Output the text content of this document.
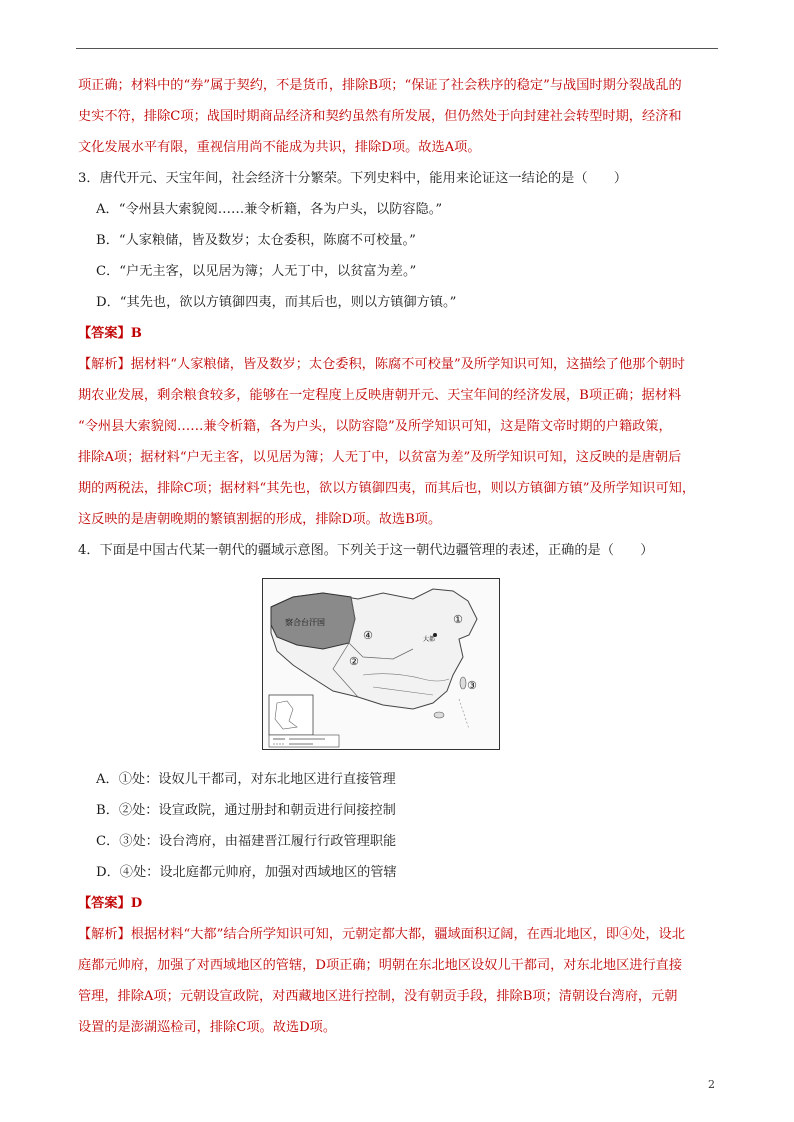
项正确；材料中的“券”属于契约，不是货币，排除B项；“保证了社会秩序的稳定”与战国时期分裂战乱的
史实不符，排除C项；战国时期商品经济和契约虽然有所发展，但仍然处于向封建社会转型时期，经济和
文化发展水平有限，重视信用尚不能成为共识，排除D项。故选A项。
3．唐代开元、天宝年间，社会经济十分繁荣。下列史料中，能用来论证这一结论的是（　　）
A．“令州县大索貌阅……兼令析籍，各为户头，以防容隐。”
B．“人家粮储，皆及数岁；太仓委积，陈腐不可校量。”
C．“户无主客，以见居为簿；人无丁中，以贫富为差。”
D．“其先也，欲以方镇御四夷，而其后也，则以方镇御方镇。”
【答案】B
【解析】据材料“人家粮储，皆及数岁；太仓委积，陈腐不可校量”及所学知识可知，这描绘了他那个朝时
期农业发展，剩余粮食较多，能够在一定程度上反映唐朝开元、天宝年间的经济发展，B项正确；据材料
“令州县大索貌阅……兼令析籍，各为户头，以防容隐”及所学知识可知，这是隋文帝时期的户籍政策，
排除A项；据材料“户无主客，以见居为簿；人无丁中，以贫富为差”及所学知识可知，这反映的是唐朝后
期的两税法，排除C项；据材料“其先也，欲以方镇御四夷，而其后也，则以方镇御方镇”及所学知识可知，
这反映的是唐朝晚期的繁镇割据的形成，排除D项。故选B项。
4．下面是中国古代某一朝代的疆域示意图。下列关于这一朝代边疆管理的表述，正确的是（　　）
察合台汗国	①
④
②
③
大都
A．①处：设奴儿干都司，对东北地区进行直接管理
B．②处：设宣政院，通过册封和朝贡进行间接控制
C．③处：设台湾府，由福建晋江履行行政管理职能
D．④处：设北庭都元帅府，加强对西域地区的管辖
【答案】D
【解析】根据材料“大都”结合所学知识可知，元朝定都大都，疆域面积辽阔，在西北地区，即④处，设北
庭都元帅府，加强了对西域地区的管辖，D项正确；明朝在东北地区设奴儿干都司，对东北地区进行直接
管理，排除A项；元朝设宣政院，对西藏地区进行控制，没有朝贡手段，排除B项；清朝设台湾府，元朝
设置的是澎湖巡检司，排除C项。故选D项。
2
